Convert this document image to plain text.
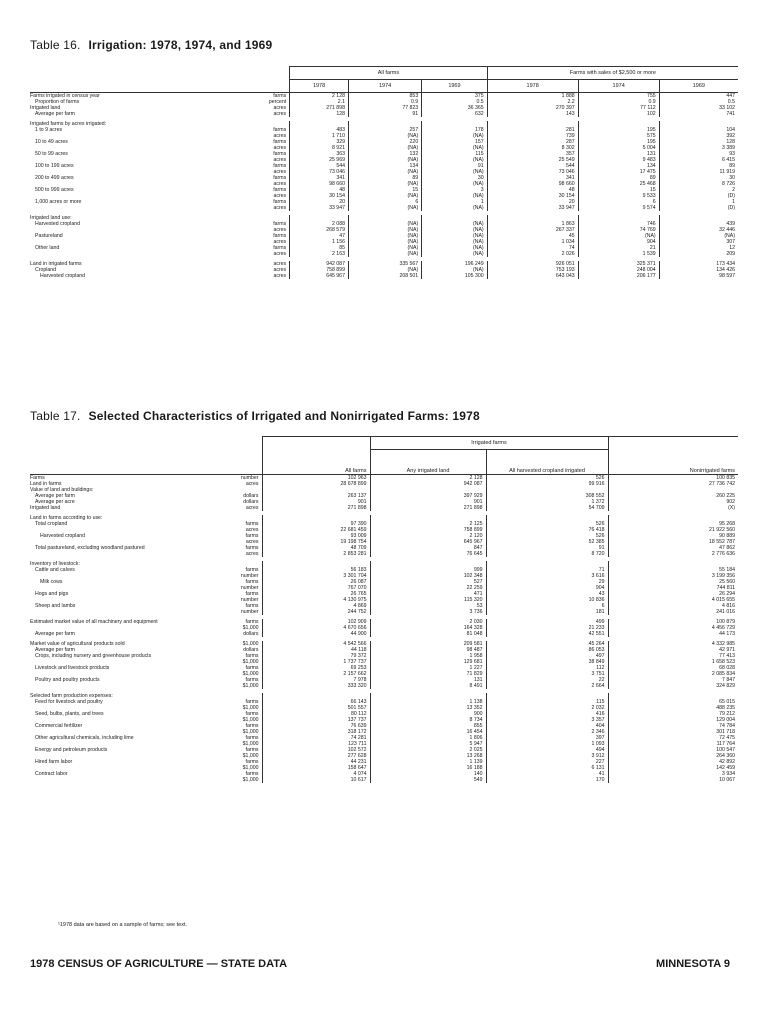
Table 16. Irrigation: 1978, 1974, and 1969
		All farms			Farms with sales of $2,500 or more		
		1978	1974	1969	1978	1974	1969
Farms irrigated in census year	farms	2 128	853	375	1 888	755	447
Proportion of farms	percent	2.1	0.9	0.5	2.2	0.9	0.5
Irrigated land	acres	271 898	77 823	36 365	270 397	77 112	33 102
Average per farm	acres	128	91	632	143	102	741

Irrigated farms by acres irrigated:							
1 to 9 acres	farms	483	257	178	281	195	104
	acres	1 710	(NA)	(NA)	739	575	392
10 to 49 acres	farms	329	220	157	287	195	128
	acres	8 921	(NA)	(NA)	8 302	5 004	3 389
50 to 99 acres	farms	363	132	115	357	131	93
	acres	25 969	(NA)	(NA)	25 549	9 483	6 415
100 to 199 acres	farms	544	134	91	544	134	89
	acres	73 046	(NA)	(NA)	73 046	17 475	11 919
200 to 499 acres	farms	341	89	30	341	89	30
	acres	98 660	(NA)	(NA)	98 660	25 468	8 726
500 to 999 acres	farms	48	15	3	48	15	2
	acres	30 154	(NA)	(NA)	30 154	9 533	(D)
1,000 acres or more	farms	20	6	1	20	6	1
	acres	33 947	(NA)	(NA)	33 947	9 574	(D)

Irrigated land use:							
Harvested cropland	farms	2 088	(NA)	(NA)	1 863	746	439
	acres	268 579	(NA)	(NA)	267 337	74 769	32 446
Pastureland	farms	47	(NA)	(NA)	45	(NA)	(NA)
	acres	1 156	(NA)	(NA)	1 034	904	307
Other land	farms	85	(NA)	(NA)	74	21	12
	acres	2 163	(NA)	(NA)	2 026	1 539	209

Land in irrigated farms	acres	942 087	335 567	196 249	926 051	325 371	173 434
Cropland	acres	758 899	(NA)	(NA)	753 193	248 004	134 426
Harvested cropland	acres	645 967	208 501	105 300	643 043	206 177	98 597
Table 17. Selected Characteristics of Irrigated and Nonirrigated Farms: 1978
			Irrigated farms		
		All farms	Any irrigated land	All harvested cropland irrigated	Nonirrigated farms
Farms	number	102 963	2 128	526	100 835
Land in farms	acres	28 678 899	942 087	99 916	27 736 742
Value of land and buildings:					
Average per farm	dollars	263 137	397 929	308 552	260 225
Average per acre	dollars	901	901	1 372	902
Irrigated land	acres	271 898	271 898	54 709	(X)

Land in farms according to use:					
Total cropland	farms	97 390	2 125	526	95 268
	acres	22 681 459	758 899	76 418	21 922 560
Harvested cropland	farms	93 009	2 120	526	90 889
	acres	19 198 754	645 967	52 385	18 552 787
Total pastureland, excluding woodland pastured	farms	48 709	847	91	47 862
	acres	2 853 281	76 645	8 720	2 776 636

Inventory of livestock:					
Cattle and calves	farms	56 183	999	71	55 184
	number	3 301 704	102 348	3 616	3 199 356
Milk cows	farms	26 087	527	29	25 560
	number	767 070	22 259	904	744 811
Hogs and pigs	farms	26 765	471	43	26 294
	number	4 130 975	115 320	10 836	4 015 655
Sheep and lambs	farms	4 869	53	6	4 816
	number	244 752	3 736	181	241 016

Estimated market value of all machinery and equipment	farms	102 909	2 030	499	100 879
	$1,000	4 670 656	164 328	21 233	4 456 729
Average per farm	dollars	44 900	81 048	42 551	44 173

Market value of agricultural products sold	$1,000	4 542 566	209 581	45 264	4 332 985
Average per farm	dollars	44 118	98 487	86 053	42 971
Crops, including nursery and greenhouse products	farms	79 372	1 958	497	77 413
	$1,000	1 737 737	129 681	38 849	1 658 523
Livestock and livestock products	farms	69 253	1 227	112	68 028
	$1,000	2 157 662	71 829	3 751	2 085 834
Poultry and poultry products	farms	7 978	131	22	7 847
	$1,000	333 320	8 491	2 664	324 829

Selected farm production expenses:					
Feed for livestock and poultry	farms	66 143	1 138	115	65 015
	$1,000	501 557	13 352	2 032	488 235
Seed, bulbs, plants, and trees	farms	80 112	900	416	79 212
	$1,000	137 737	8 734	3 357	129 004
Commercial fertilizer	farms	76 639	855	404	74 784
	$1,000	318 172	16 454	2 346	301 718
Other agricultural chemicals, including lime	farms	74 281	1 806	397	72 475
	$1,000	123 711	5 947	1 093	117 764
Energy and petroleum products	farms	102 572	2 025	494	100 547
	$1,000	277 628	13 268	3 912	264 360
Hired farm labor	farms	44 231	1 139	227	42 892
	$1,000	158 647	16 188	6 131	142 459
Contract labor	farms	4 074	140	41	3 934
	$1,000	10 617	549	170	10 067
¹1978 data are based on a sample of farms; see text.
1978 CENSUS OF AGRICULTURE — STATE DATA	MINNESOTA 9
